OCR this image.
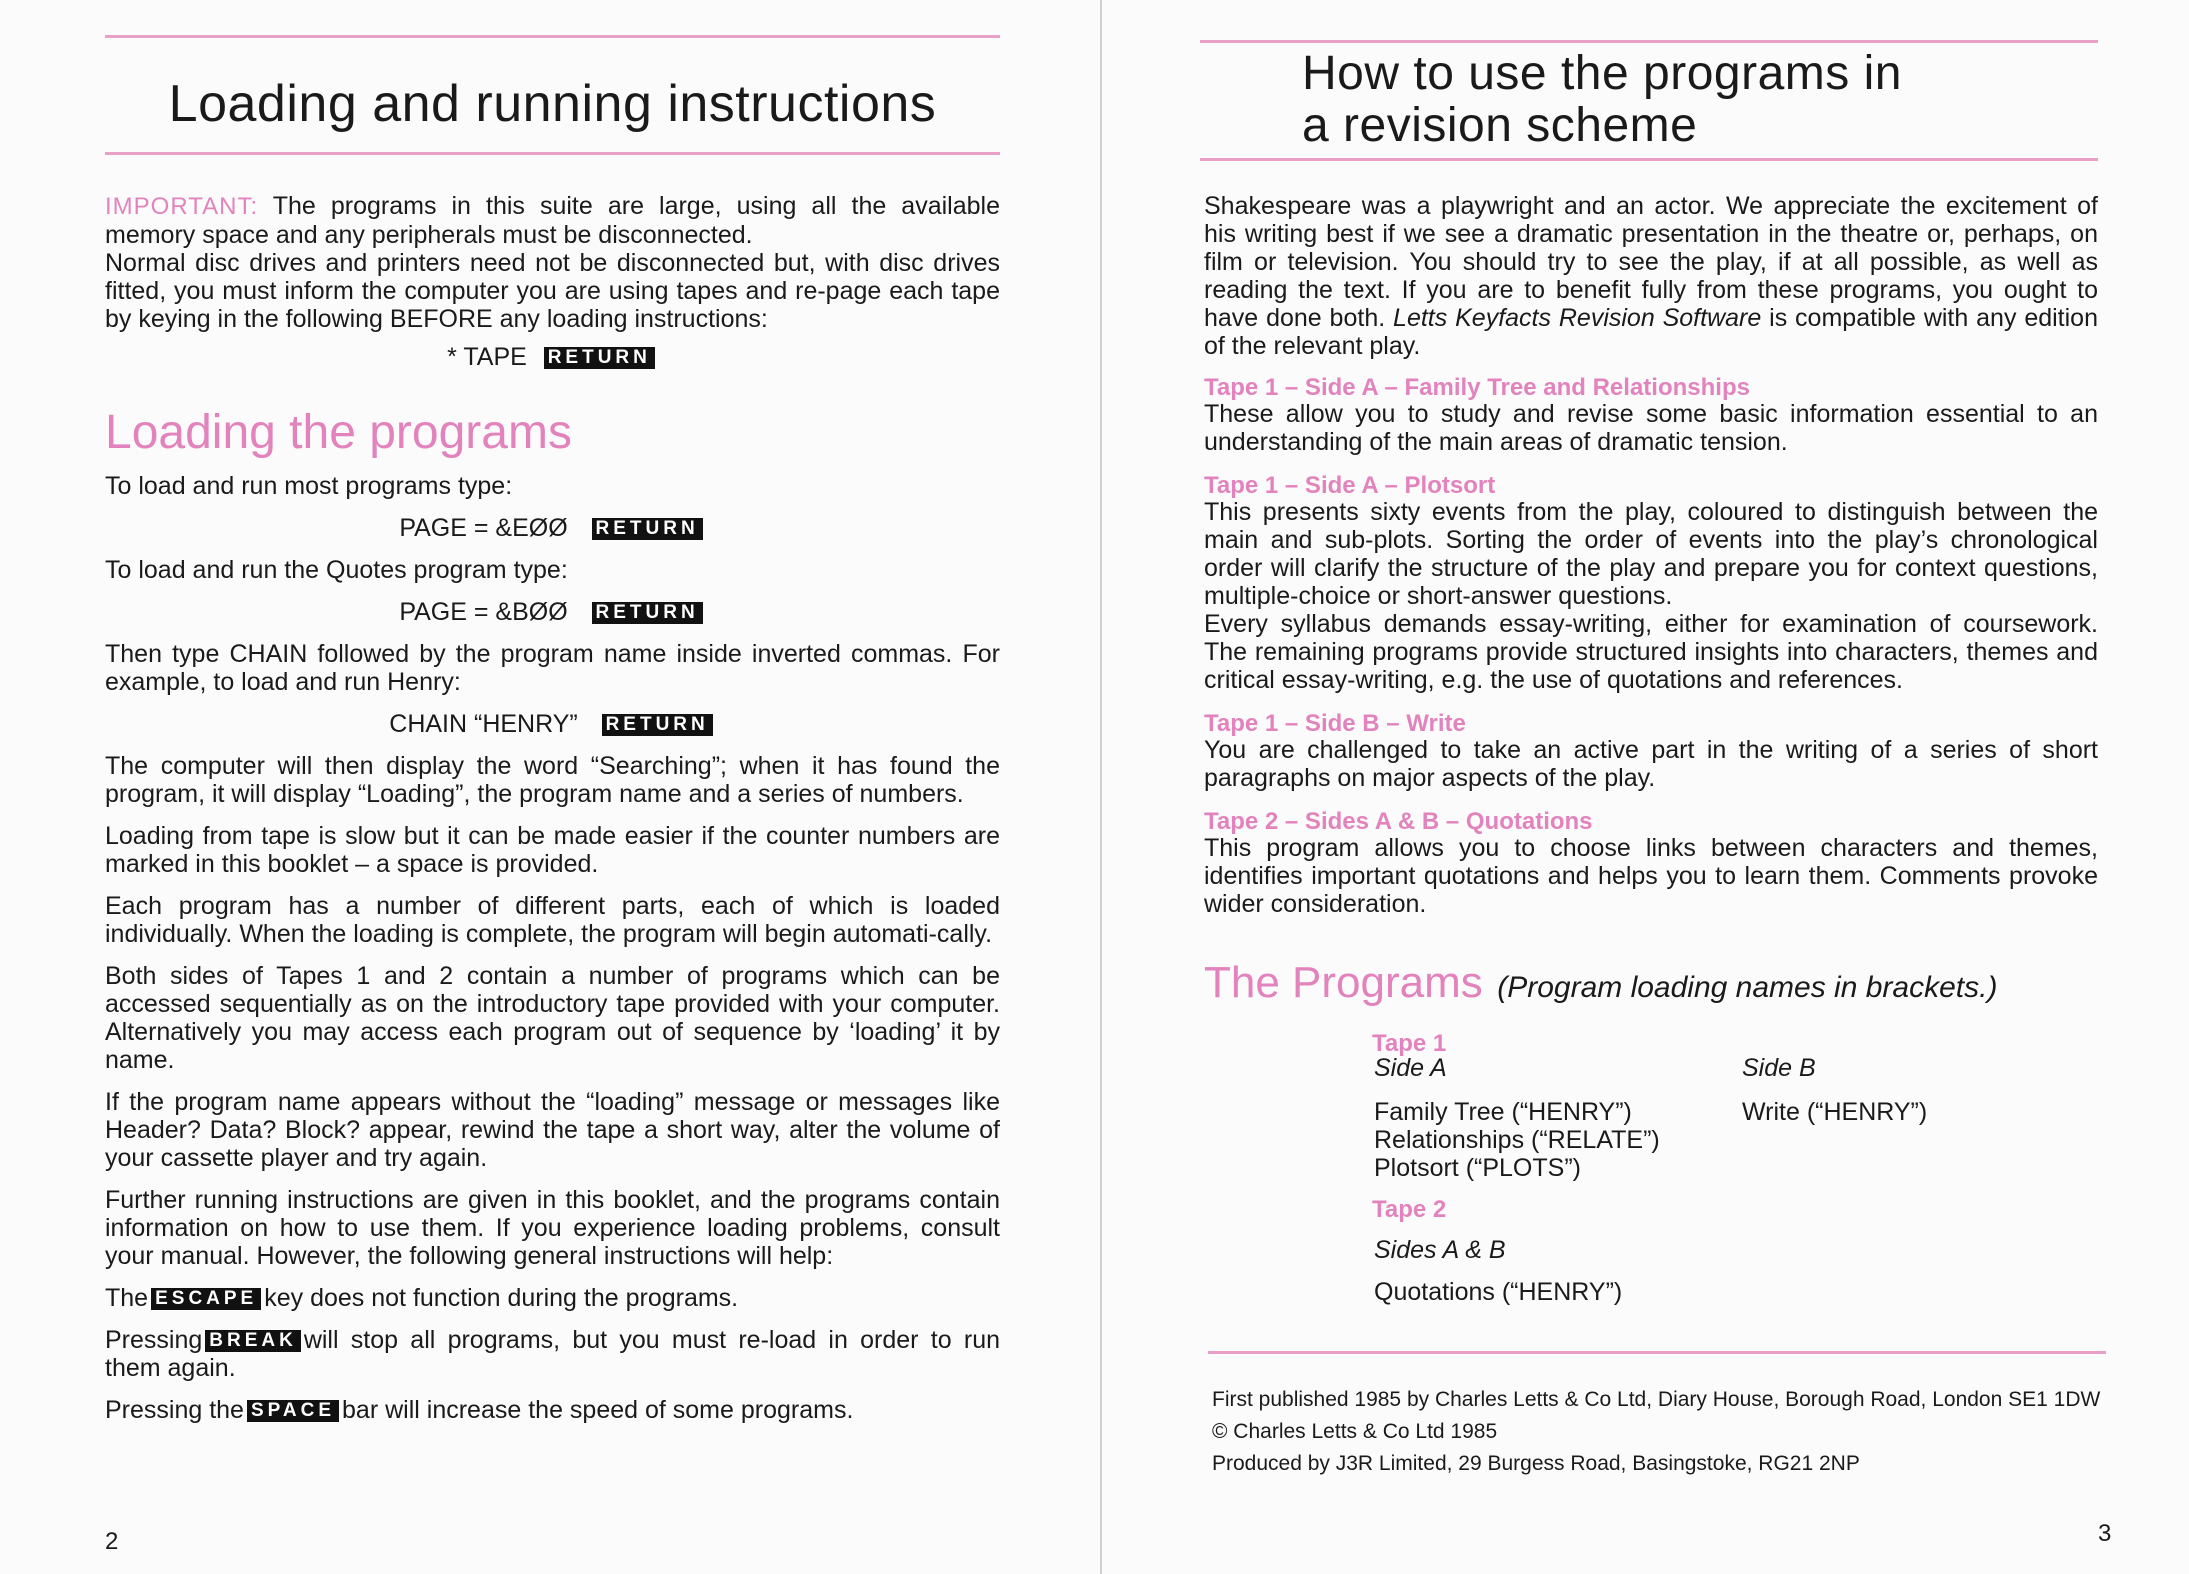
Loading and running instructions

IMPORTANT: The programs in this suite are large, using all the available memory space and any peripherals must be disconnected.

Normal disc drives and printers need not be disconnected but, with disc drives fitted, you must inform the computer you are using tapes and re-page each tape by keying in the following BEFORE any loading instructions:

* TAPE RETURN

Loading the programs

To load and run most programs type:

PAGE = &EØØ RETURN

To load and run the Quotes program type:

PAGE = &BØØ RETURN

Then type CHAIN followed by the program name inside inverted commas. For example, to load and run Henry:

CHAIN “HENRY” RETURN

The computer will then display the word “Searching”; when it has found the program, it will display “Loading”, the program name and a series of numbers.

Loading from tape is slow but it can be made easier if the counter numbers are marked in this booklet – a space is provided.

Each program has a number of different parts, each of which is loaded individually. When the loading is complete, the program will begin automati-cally.

Both sides of Tapes 1 and 2 contain a number of programs which can be accessed sequentially as on the introductory tape provided with your computer. Alternatively you may access each program out of sequence by ‘loading’ it by name.

If the program name appears without the “loading” message or messages like Header? Data? Block? appear, rewind the tape a short way, alter the volume of your cassette player and try again.

Further running instructions are given in this booklet, and the programs contain information on how to use them. If you experience loading problems, consult your manual. However, the following general instructions will help:

The ESCAPE key does not function during the programs.

Pressing BREAK will stop all programs, but you must re-load in order to run them again.

Pressing the SPACE bar will increase the speed of some programs.

2
How to use the programs in
a revision scheme

Shakespeare was a playwright and an actor. We appreciate the excitement of his writing best if we see a dramatic presentation in the theatre or, perhaps, on film or television. You should try to see the play, if at all possible, as well as reading the text. If you are to benefit fully from these programs, you ought to have done both. Letts Keyfacts Revision Software is compatible with any edition of the relevant play.

Tape 1 – Side A – Family Tree and Relationships
These allow you to study and revise some basic information essential to an understanding of the main areas of dramatic tension.
Tape 1 – Side A – Plotsort

This presents sixty events from the play, coloured to distinguish between the main and sub-plots. Sorting the order of events into the play’s chronological order will clarify the structure of the play and prepare you for context questions, multiple-choice or short-answer questions.

Every syllabus demands essay-writing, either for examination of coursework. The remaining programs provide structured insights into characters, themes and critical essay-writing, e.g. the use of quotations and references.

Tape 1 – Side B – Write
You are challenged to take an active part in the writing of a series of short paragraphs on major aspects of the play.
Tape 2 – Sides A & B – Quotations
This program allows you to choose links between characters and themes, identifies important quotations and helps you to learn them. Comments provoke wider consideration.
The Programs (Program loading names in brackets.)
Tape 1
Side A	Side B
Family Tree (“HENRY”)
Relationships (“RELATE”)
Plotsort (“PLOTS”)
Write (“HENRY”)
Tape 2
Sides A & B
Quotations (“HENRY”)

First published 1985 by Charles Letts & Co Ltd, Diary House, Borough Road, London SE1 1DW

© Charles Letts & Co Ltd 1985

Produced by J3R Limited, 29 Burgess Road, Basingstoke, RG21 2NP

3
